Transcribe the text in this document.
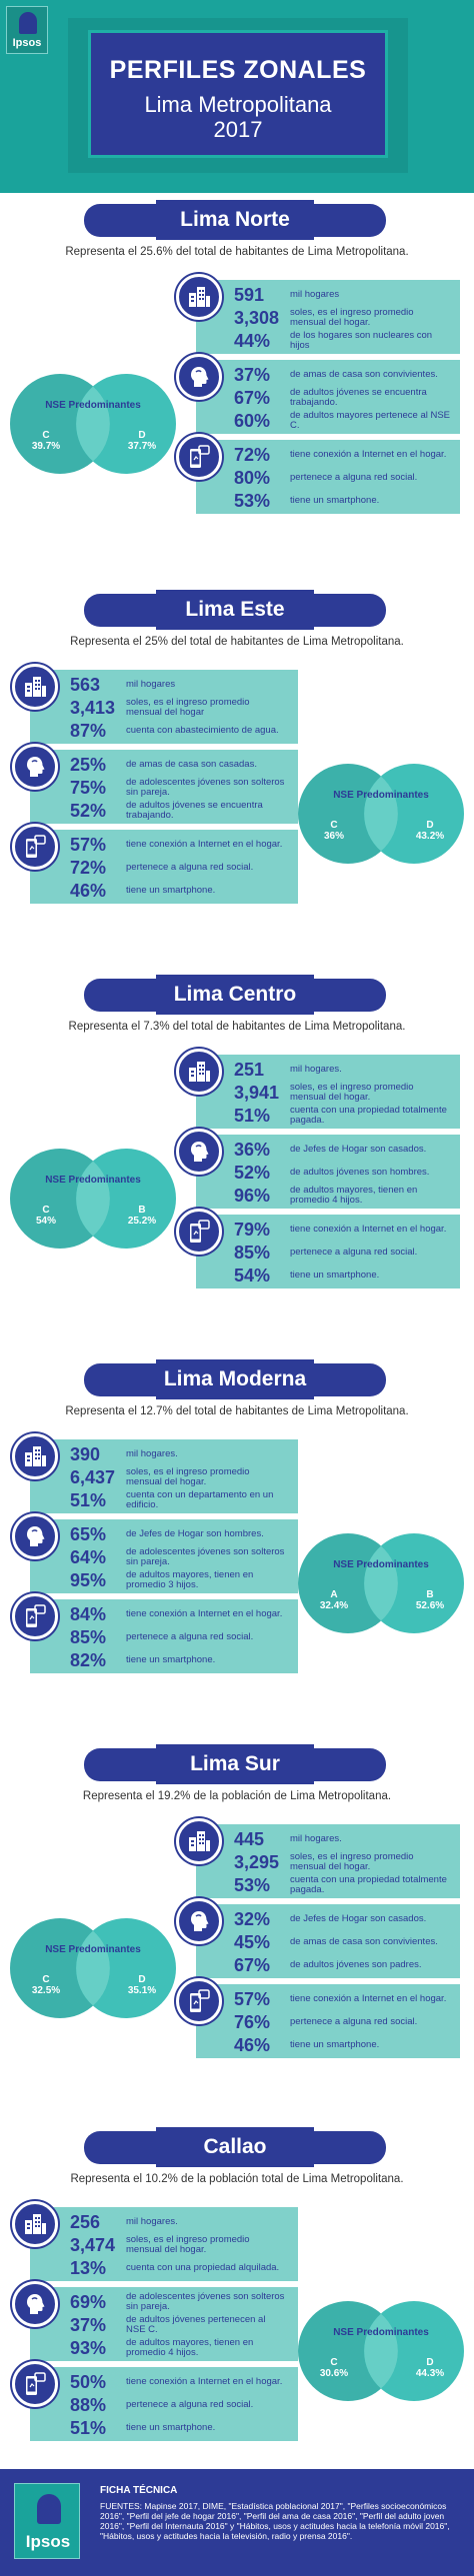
Ipsos
PERFILES ZONALES
Lima Metropolitana
2017
Lima Norte
Representa el 25.6% del total de habitantes de Lima Metropolitana.
591	mil hogares
3,308	soles, es el ingreso promedio mensual del hogar.
44%	de los hogares son nucleares con hijos
37%	de amas de casa son convivientes.
67%	de adultos jóvenes se encuentra trabajando.
60%	de adultos mayores pertenece al NSE C.
72%	tiene conexión a Internet en el hogar.
80%	pertenece a alguna red social.
53%	tiene un smartphone.
NSE Predominantes
C
39.7%
D
37.7%
Lima Este
Representa el 25% del total de habitantes de Lima Metropolitana.
563	mil hogares
3,413	soles, es el ingreso promedio mensual del hogar
87%	cuenta con abastecimiento de agua.
25%	de amas de casa son casadas.
75%	de adolescentes jóvenes son solteros sin pareja.
52%	de adultos jóvenes se encuentra trabajando.
57%	tiene conexión a Internet en el hogar.
72%	pertenece a alguna red social.
46%	tiene un smartphone.
NSE Predominantes
C
36%
D
43.2%
Lima Centro
Representa el 7.3% del total de habitantes de Lima Metropolitana.
251	mil hogares.
3,941	soles, es el ingreso promedio mensual del hogar.
51%	cuenta con una propiedad totalmente pagada.
36%	de Jefes de Hogar son casados.
52%	de adultos jóvenes son hombres.
96%	de adultos mayores, tienen en promedio 4 hijos.
79%	tiene conexión a Internet en el hogar.
85%	pertenece a alguna red social.
54%	tiene un smartphone.
NSE Predominantes
C
54%
B
25.2%
Lima Moderna
Representa el 12.7% del total de habitantes de Lima Metropolitana.
390	mil hogares.
6,437	soles, es el ingreso promedio mensual del hogar.
51%	cuenta con un departamento en un edificio.
65%	de Jefes de Hogar son hombres.
64%	de adolescentes jóvenes son solteros sin pareja.
95%	de adultos mayores, tienen en promedio 3 hijos.
84%	tiene conexión a Internet en el hogar.
85%	pertenece a alguna red social.
82%	tiene un smartphone.
NSE Predominantes
A
32.4%
B
52.6%
Lima Sur
Representa el 19.2% de la población de Lima Metropolitana.
445	mil hogares.
3,295	soles, es el ingreso promedio mensual del hogar.
53%	cuenta con una propiedad totalmente pagada.
32%	de Jefes de Hogar son casados.
45%	de amas de casa son convivientes.
67%	de adultos jóvenes son padres.
57%	tiene conexión a Internet en el hogar.
76%	pertenece a alguna red social.
46%	tiene un smartphone.
NSE Predominantes
C
32.5%
D
35.1%
Callao
Representa el 10.2% de la población total de Lima Metropolitana.
256	mil hogares.
3,474	soles, es el ingreso promedio mensual del hogar.
13%	cuenta con una propiedad alquilada.
69%	de adolescentes jóvenes son solteros sin pareja.
37%	de adultos jóvenes pertenecen al NSE C.
93%	de adultos mayores, tienen en promedio 4 hijos.
50%	tiene conexión a Internet en el hogar.
88%	pertenece a alguna red social.
51%	tiene un smartphone.
NSE Predominantes
C
30.6%
D
44.3%
Ipsos
FICHA TÉCNICA
FUENTES: Mapinse 2017, DIME, "Estadística poblacional 2017", "Perfiles socioeconómicos 2016", "Perfil del jefe de hogar 2016", "Perfil del ama de casa 2016", "Perfil del adulto joven 2016", "Perfil del Internauta 2016" y "Hábitos, usos y actitudes hacia la telefonía móvil 2016", "Hábitos, usos y actitudes hacia la televisión, radio y prensa 2016".
